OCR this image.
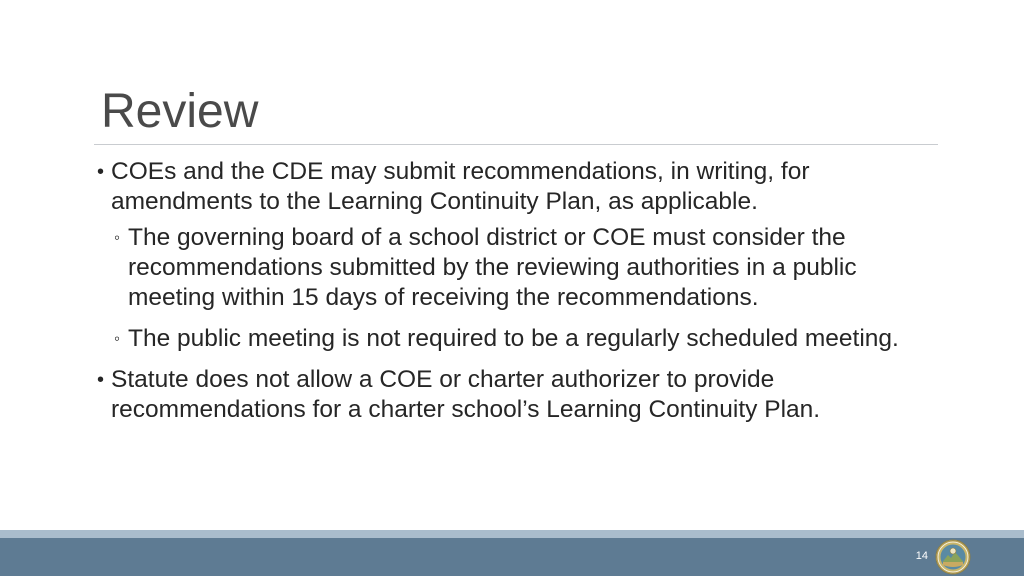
Review
• COEs and the CDE may submit recommendations, in writing, for amendments to the Learning Continuity Plan, as applicable.
◦ The governing board of a school district or COE must consider the recommendations submitted by the reviewing authorities in a public meeting within 15 days of receiving the recommendations.
◦ The public meeting is not required to be a regularly scheduled meeting.
• Statute does not allow a COE or charter authorizer to provide recommendations for a charter school’s Learning Continuity Plan.
14
